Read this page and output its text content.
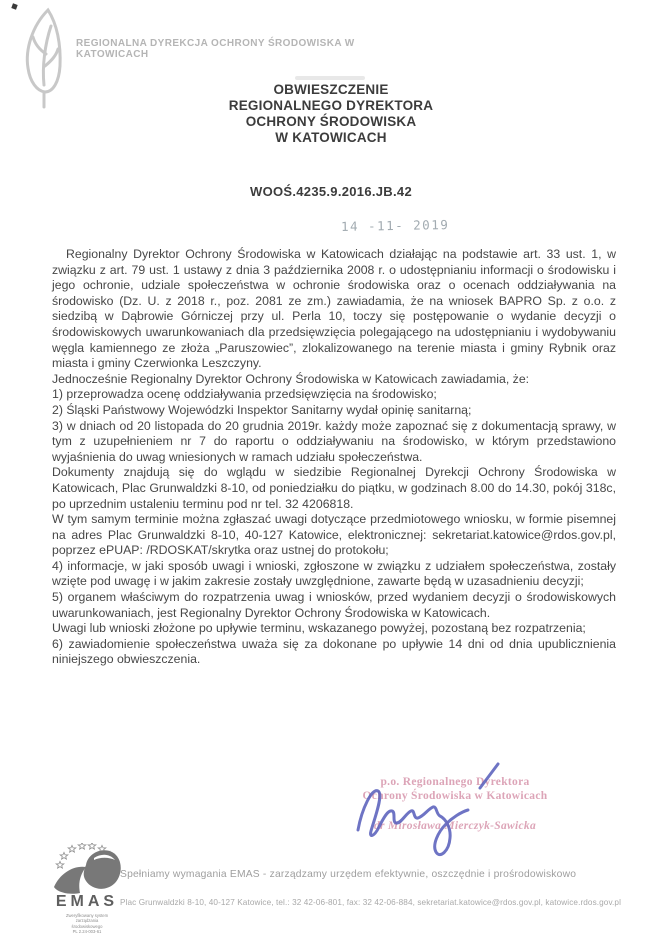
REGIONALNA DYREKCJA OCHRONY ŚRODOWISKA W KATOWICACH
OBWIESZCZENIE
REGIONALNEGO DYREKTORA
OCHRONY ŚRODOWISKA
W KATOWICACH
WOOŚ.4235.9.2016.JB.42
14 -11- 2019

Regionalny Dyrektor Ochrony Środowiska w Katowicach działając na podstawie art. 33 ust. 1, w związku z art. 79 ust. 1 ustawy z dnia 3 października 2008 r. o udostępnianiu informacji o środowisku i jego ochronie, udziale społeczeństwa w ochronie środowiska oraz o ocenach oddziaływania na środowisko (Dz. U. z 2018 r., poz. 2081 ze zm.) zawiadamia, że na wniosek BAPRO Sp. z o.o. z siedzibą w Dąbrowie Górniczej przy ul. Perla 10, toczy się postępowanie o wydanie decyzji o środowiskowych uwarunkowaniach dla przedsięwzięcia polegającego na udostępnianiu i wydobywaniu węgla kamiennego ze złoża „Paruszowiec”, zlokalizowanego na terenie miasta i gminy Rybnik oraz miasta i gminy Czerwionka Leszczyny.

Jednocześnie Regionalny Dyrektor Ochrony Środowiska w Katowicach zawiadamia, że:

1) przeprowadza ocenę oddziaływania przedsięwzięcia na środowisko;

2) Śląski Państwowy Wojewódzki Inspektor Sanitarny wydał opinię sanitarną;

3) w dniach od 20 listopada do 20 grudnia 2019r. każdy może zapoznać się z dokumentacją sprawy, w tym z uzupełnieniem nr 7 do raportu o oddziaływaniu na środowisko, w którym przedstawiono wyjaśnienia do uwag wniesionych w ramach udziału społeczeństwa.

Dokumenty znajdują się do wglądu w siedzibie Regionalnej Dyrekcji Ochrony Środowiska w Katowicach, Plac Grunwaldzki 8-10, od poniedziałku do piątku, w godzinach 8.00 do 14.30, pokój 318c, po uprzednim ustaleniu terminu pod nr tel. 32 4206818.

W tym samym terminie można zgłaszać uwagi dotyczące przedmiotowego wniosku, w formie pisemnej na adres Plac Grunwaldzki 8-10, 40-127 Katowice, elektronicznej: sekretariat.katowice@rdos.gov.pl, poprzez ePUAP: /RDOSKAT/skrytka oraz ustnej do protokołu;

4) informacje, w jaki sposób uwagi i wnioski, zgłoszone w związku z udziałem społeczeństwa, zostały wzięte pod uwagę i w jakim zakresie zostały uwzględnione, zawarte będą w uzasadnieniu decyzji;

5) organem właściwym do rozpatrzenia uwag i wniosków, przed wydaniem decyzji o środowiskowych uwarunkowaniach, jest Regionalny Dyrektor Ochrony Środowiska w Katowicach.

Uwagi lub wnioski złożone po upływie terminu, wskazanego powyżej, pozostaną bez rozpatrzenia;

6) zawiadomienie społeczeństwa uważa się za dokonane po upływie 14 dni od dnia upublicznienia niniejszego obwieszczenia.

p.o. Regionalnego Dyrektora
Ochrony Środowiska w Katowicach
dr Mirosława Mierczyk-Sawicka
EMAS
Zweryfikowany system
zarządzania
środowiskowego
PL 2.24-003-61
Spełniamy wymagania EMAS - zarządzamy urzędem efektywnie, oszczędnie i prośrodowiskowo
Plac Grunwaldzki 8-10, 40-127 Katowice, tel.: 32 42-06-801, fax: 32 42-06-884, sekretariat.katowice@rdos.gov.pl, katowice.rdos.gov.pl
